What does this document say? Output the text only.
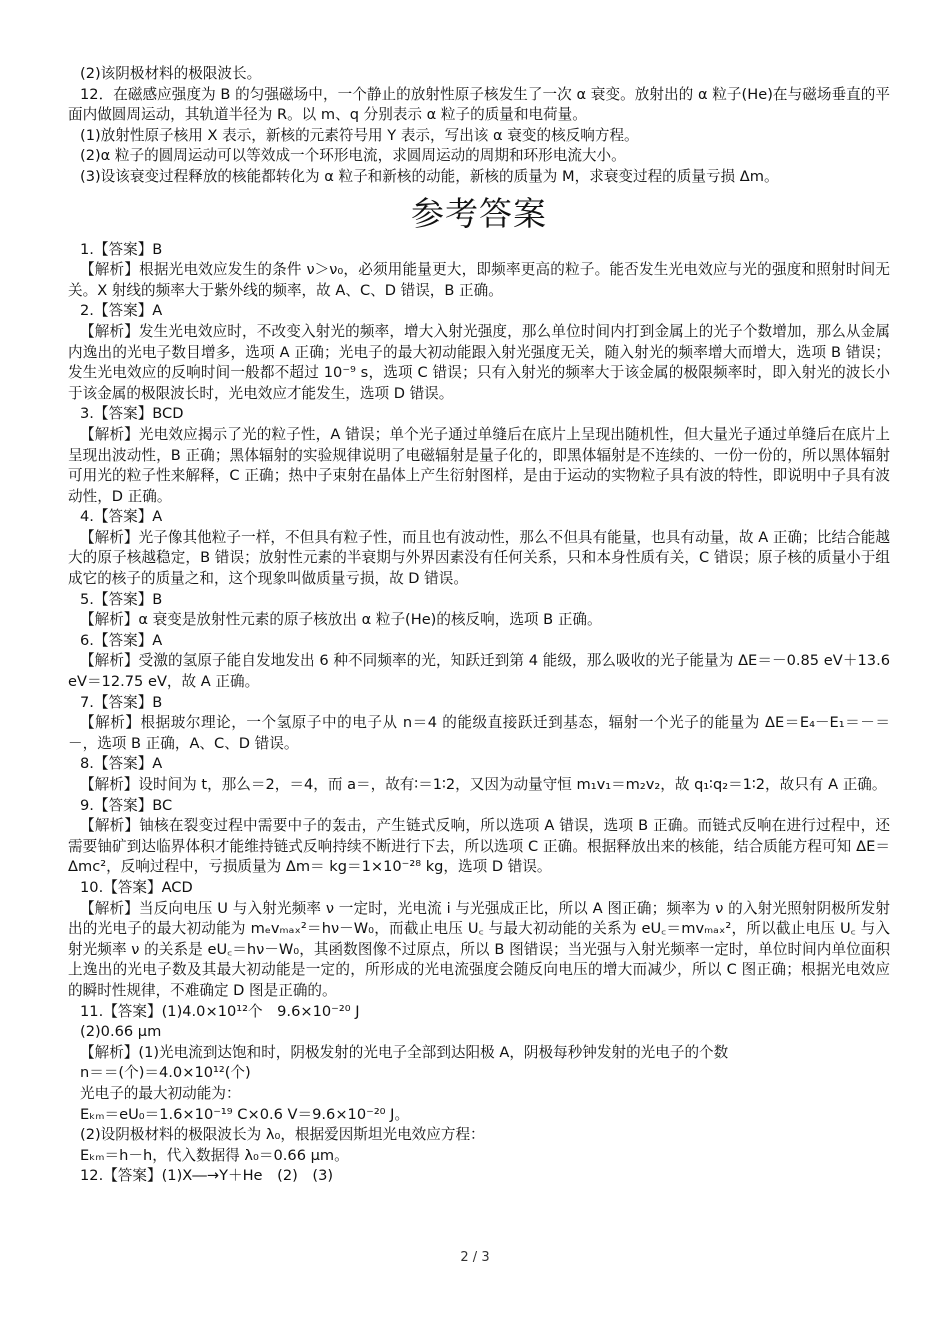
(2)该阴极材料的极限波长。

12．在磁感应强度为 B 的匀强磁场中，一个静止的放射性原子核发生了一次 α 衰变。放射出的 α 粒子(He)在与磁场垂直的平面内做圆周运动，其轨道半径为 R。以 m、q 分别表示 α 粒子的质量和电荷量。

(1)放射性原子核用 X 表示，新核的元素符号用 Y 表示，写出该 α 衰变的核反响方程。

(2)α 粒子的圆周运动可以等效成一个环形电流，求圆周运动的周期和环形电流大小。

(3)设该衰变过程释放的核能都转化为 α 粒子和新核的动能，新核的质量为 M，求衰变过程的质量亏损 Δm。

参考答案

1.【答案】B

【解析】根据光电效应发生的条件 ν＞ν₀，必须用能量更大，即频率更高的粒子。能否发生光电效应与光的强度和照射时间无关。X 射线的频率大于紫外线的频率，故 A、C、D 错误，B 正确。

2.【答案】A

【解析】发生光电效应时，不改变入射光的频率，增大入射光强度，那么单位时间内打到金属上的光子个数增加，那么从金属内逸出的光电子数目增多，选项 A 正确；光电子的最大初动能跟入射光强度无关，随入射光的频率增大而增大，选项 B 错误；发生光电效应的反响时间一般都不超过 10⁻⁹ s，选项 C 错误；只有入射光的频率大于该金属的极限频率时，即入射光的波长小于该金属的极限波长时，光电效应才能发生，选项 D 错误。

3.【答案】BCD

【解析】光电效应揭示了光的粒子性，A 错误；单个光子通过单缝后在底片上呈现出随机性，但大量光子通过单缝后在底片上呈现出波动性，B 正确；黑体辐射的实验规律说明了电磁辐射是量子化的，即黑体辐射是不连续的、一份一份的，所以黑体辐射可用光的粒子性来解释，C 正确；热中子束射在晶体上产生衍射图样，是由于运动的实物粒子具有波的特性，即说明中子具有波动性，D 正确。

4.【答案】A

【解析】光子像其他粒子一样，不但具有粒子性，而且也有波动性，那么不但具有能量，也具有动量，故 A 正确；比结合能越大的原子核越稳定，B 错误；放射性元素的半衰期与外界因素没有任何关系，只和本身性质有关，C 错误；原子核的质量小于组成它的核子的质量之和，这个现象叫做质量亏损，故 D 错误。

5.【答案】B

【解析】α 衰变是放射性元素的原子核放出 α 粒子(He)的核反响，选项 B 正确。

6.【答案】A

【解析】受激的氢原子能自发地发出 6 种不同频率的光，知跃迁到第 4 能级，那么吸收的光子能量为 ΔE＝－0.85 eV＋13.6 eV＝12.75 eV，故 A 正确。

7.【答案】B

【解析】根据玻尔理论，一个氢原子中的电子从 n＝4 的能级直接跃迁到基态，辐射一个光子的能量为 ΔE＝E₄－E₁＝－＝－，选项 B 正确，A、C、D 错误。

8.【答案】A

【解析】设时间为 t，那么＝2，＝4，而 a＝，故有∶＝1∶2，又因为动量守恒 m₁v₁＝m₂v₂，故 q₁∶q₂＝1∶2，故只有 A 正确。

9.【答案】BC

【解析】铀核在裂变过程中需要中子的轰击，产生链式反响，所以选项 A 错误，选项 B 正确。而链式反响在进行过程中，还需要铀矿到达临界体积才能维持链式反响持续不断进行下去，所以选项 C 正确。根据释放出来的核能，结合质能方程可知 ΔE＝Δmc²，反响过程中，亏损质量为 Δm＝ kg＝1×10⁻²⁸ kg，选项 D 错误。

10.【答案】ACD

【解析】当反向电压 U 与入射光频率 ν 一定时，光电流 i 与光强成正比，所以 A 图正确；频率为 ν 的入射光照射阴极所发射出的光电子的最大初动能为 mₑvₘₐₓ²＝hν－W₀，而截止电压 U꜀ 与最大初动能的关系为 eU꜀＝mvₘₐₓ²，所以截止电压 U꜀ 与入射光频率 ν 的关系是 eU꜀＝hν－W₀，其函数图像不过原点，所以 B 图错误；当光强与入射光频率一定时，单位时间内单位面积上逸出的光电子数及其最大初动能是一定的，所形成的光电流强度会随反向电压的增大而减少，所以 C 图正确；根据光电效应的瞬时性规律，不难确定 D 图是正确的。

11.【答案】(1)4.0×10¹²个　9.6×10⁻²⁰ J

(2)0.66 μm

【解析】(1)光电流到达饱和时，阴极发射的光电子全部到达阳极 A，阴极每秒钟发射的光电子的个数

n＝＝(个)＝4.0×10¹²(个)

光电子的最大初动能为：

Eₖₘ＝eU₀＝1.6×10⁻¹⁹ C×0.6 V＝9.6×10⁻²⁰ J。

(2)设阴极材料的极限波长为 λ₀，根据爱因斯坦光电效应方程：

Eₖₘ＝h－h，代入数据得 λ₀＝0.66 μm。

12.【答案】(1)X―→Y＋He　(2)　(3)

2 / 3
